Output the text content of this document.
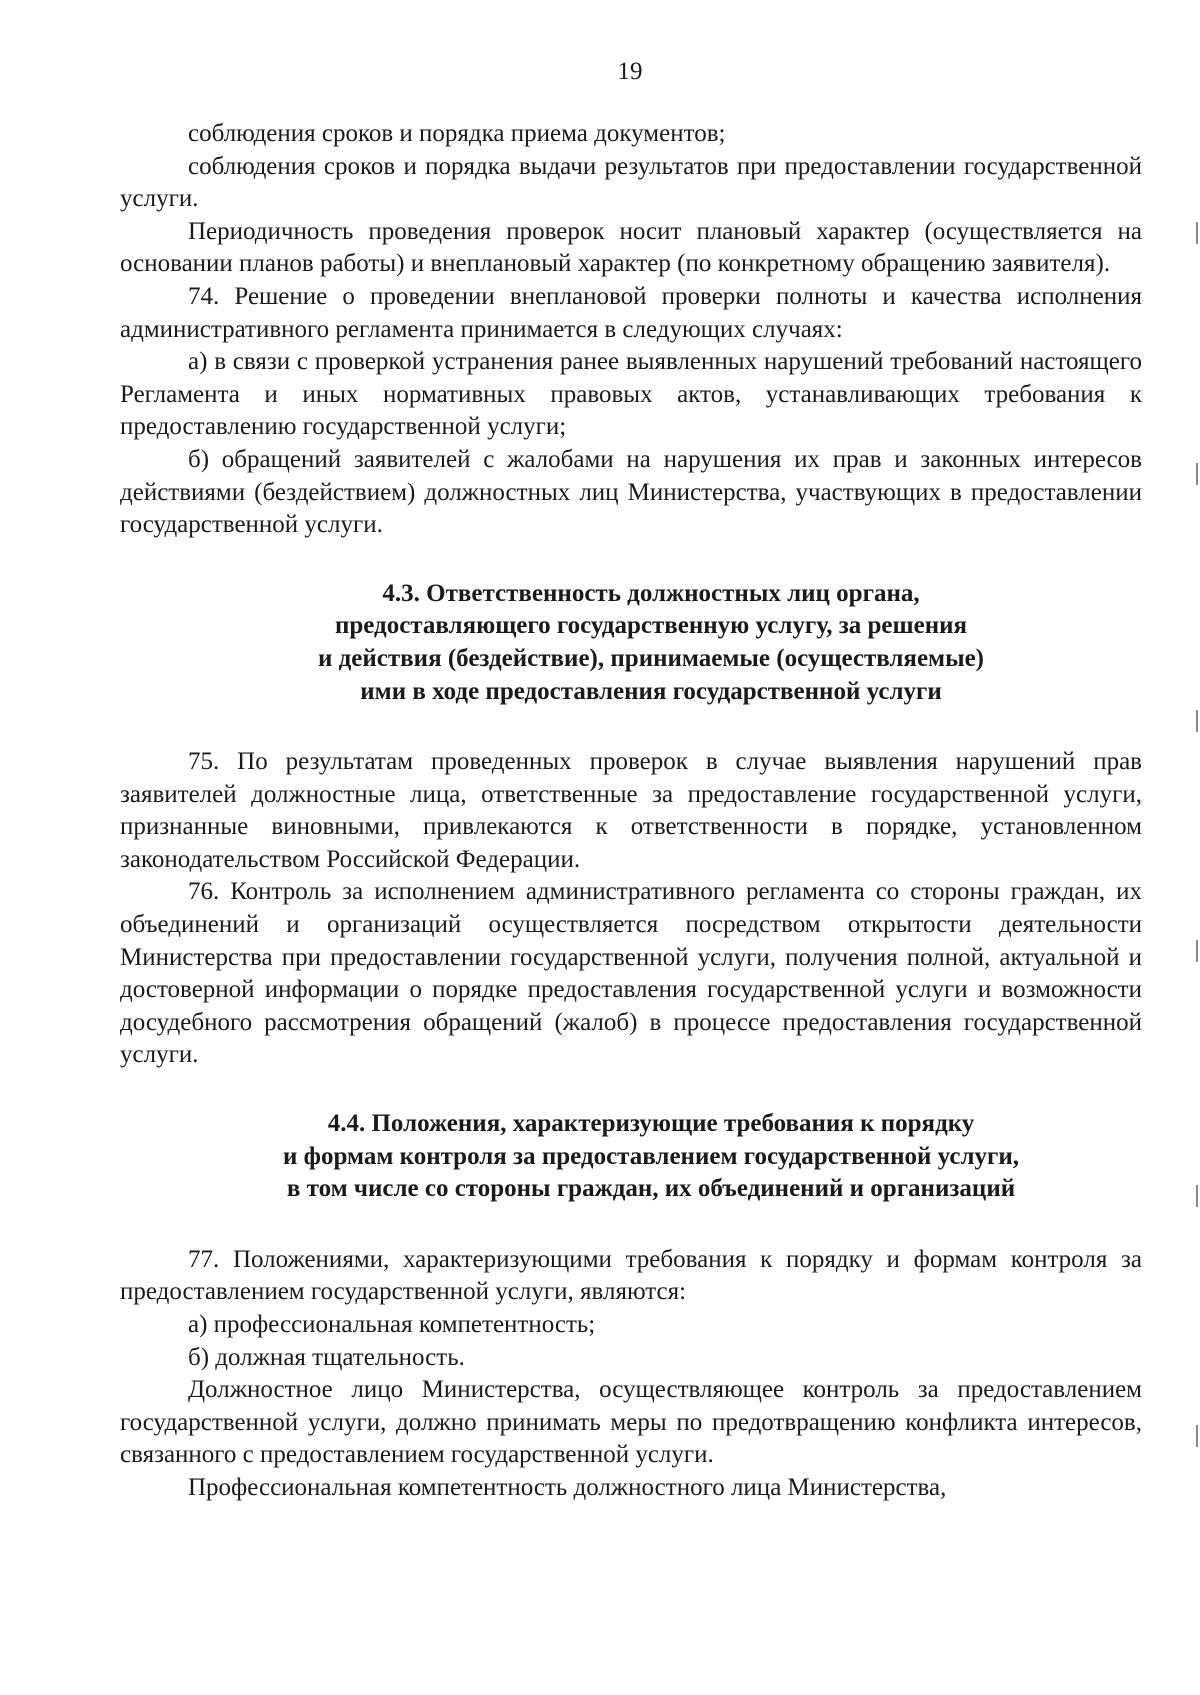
19

соблюдения сроков и порядка приема документов;

соблюдения сроков и порядка выдачи результатов при предоставлении государственной услуги.

Периодичность проведения проверок носит плановый характер (осуществляется на основании планов работы) и внеплановый характер (по конкретному обращению заявителя).

74. Решение о проведении внеплановой проверки полноты и качества исполнения административного регламента принимается в следующих случаях:

а) в связи с проверкой устранения ранее выявленных нарушений требований настоящего Регламента и иных нормативных правовых актов, устанавливающих требования к предоставлению государственной услуги;

б) обращений заявителей с жалобами на нарушения их прав и законных интересов действиями (бездействием) должностных лиц Министерства, участвующих в предоставлении государственной услуги.

4.3. Ответственность должностных лиц органа,
предоставляющего государственную услугу, за решения
и действия (бездействие), принимаемые (осуществляемые)
ими в ходе предоставления государственной услуги

75. По результатам проведенных проверок в случае выявления нарушений прав заявителей должностные лица, ответственные за предоставление государственной услуги, признанные виновными, привлекаются к ответственности в порядке, установленном законодательством Российской Федерации.

76. Контроль за исполнением административного регламента со стороны граждан, их объединений и организаций осуществляется посредством открытости деятельности Министерства при предоставлении государственной услуги, получения полной, актуальной и достоверной информации о порядке предоставления государственной услуги и возможности досудебного рассмотрения обращений (жалоб) в процессе предоставления государственной услуги.

4.4. Положения, характеризующие требования к порядку
и формам контроля за предоставлением государственной услуги,
в том числе со стороны граждан, их объединений и организаций

77. Положениями, характеризующими требования к порядку и формам контроля за предоставлением государственной услуги, являются:

а) профессиональная компетентность;

б) должная тщательность.

Должностное лицо Министерства, осуществляющее контроль за предоставлением государственной услуги, должно принимать меры по предотвращению конфликта интересов, связанного с предоставлением государственной услуги.

Профессиональная компетентность должностного лица Министерства,
